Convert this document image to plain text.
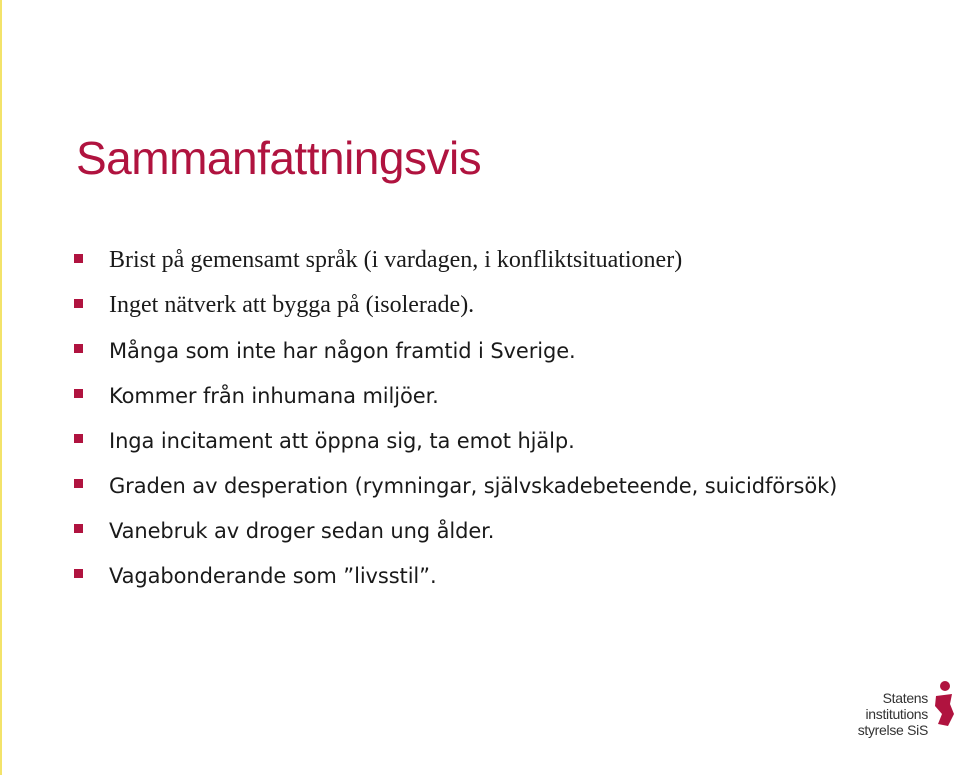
Sammanfattningsvis
Brist på gemensamt språk (i vardagen, i konfliktsituationer)
Inget nätverk att bygga på (isolerade).
Många som inte har någon framtid i Sverige.
Kommer från inhumana miljöer.
Inga incitament att öppna sig, ta emot hjälp.
Graden av desperation (rymningar, självskadebeteende, suicidförsök)
Vanebruk av droger sedan ung ålder.
Vagabonderande som ”livsstil”.
Statens
institutions
styrelse SiS
